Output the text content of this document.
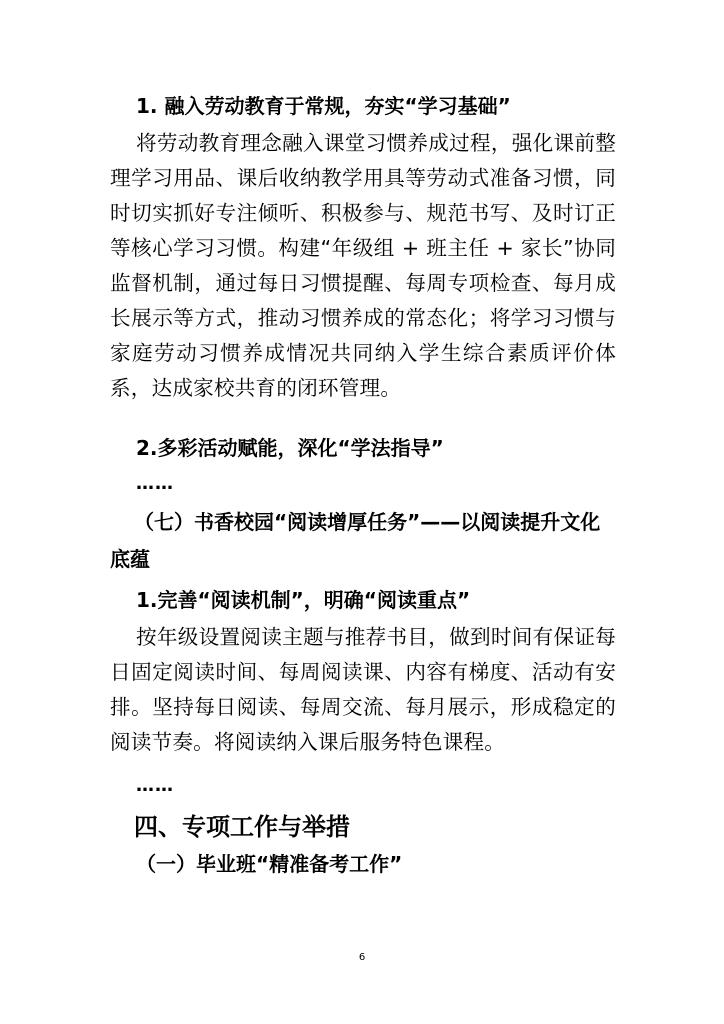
1. 融入劳动教育于常规，夯实“学习基础”
将劳动教育理念融入课堂习惯养成过程，强化课前整理学习用品、课后收纳教学用具等劳动式准备习惯，同时切实抓好专注倾听、积极参与、规范书写、及时订正等核心学习习惯。构建“年级组 + 班主任 + 家长”协同监督机制，通过每日习惯提醒、每周专项检查、每月成长展示等方式，推动习惯养成的常态化；将学习习惯与家庭劳动习惯养成情况共同纳入学生综合素质评价体系，达成家校共育的闭环管理。
2.多彩活动赋能，深化“学法指导”
……
（七）书香校园“阅读增厚任务”——以阅读提升文化底蕴
1.完善“阅读机制”，明确“阅读重点”
按年级设置阅读主题与推荐书目，做到时间有保证每日固定阅读时间、每周阅读课、内容有梯度、活动有安排。坚持每日阅读、每周交流、每月展示，形成稳定的阅读节奏。将阅读纳入课后服务特色课程。
……
四、专项工作与举措
（一）毕业班“精准备考工作”
6
